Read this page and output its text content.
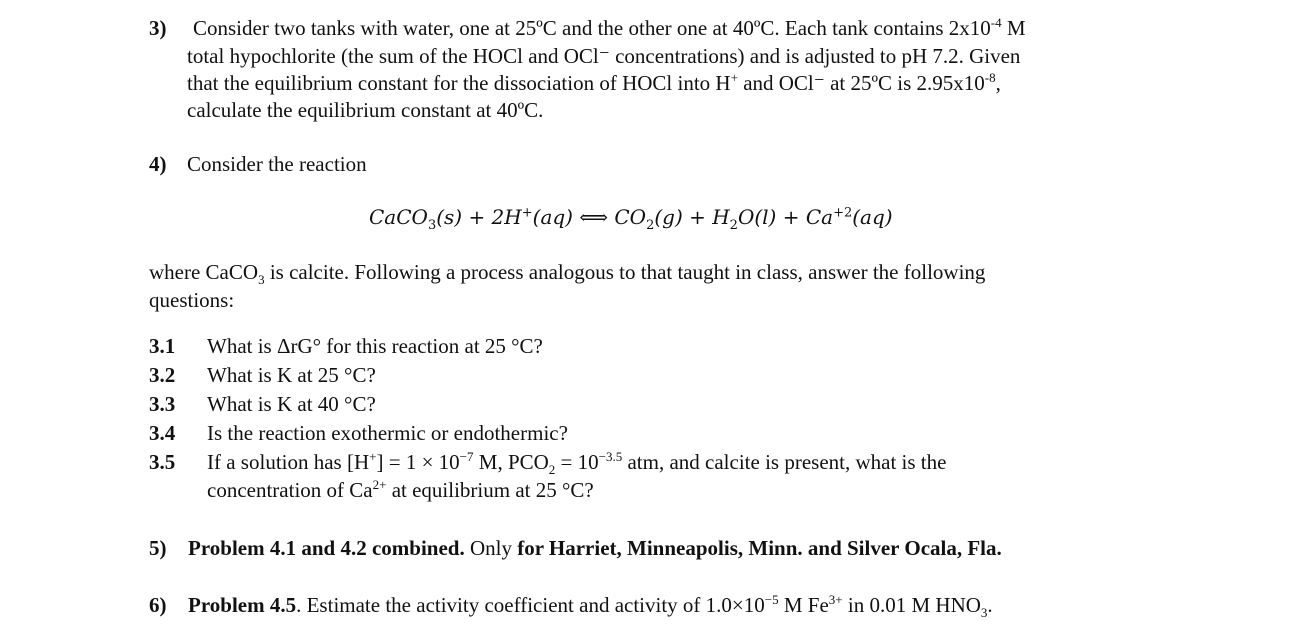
3) Consider two tanks with water, one at 25ºC and the other one at 40ºC. Each tank contains $2x10^{-4}$ M
total hypochlorite (the sum of the HOCl and OCl⁻ concentrations) and is adjusted to pH 7.2. Given
that the equilibrium constant for the dissociation of HOCl into H+ and OCl⁻ at 25ºC is $2.95x10^{-8}$,
calculate the equilibrium constant at 40ºC.
4) Consider the reaction
CaCO$_3$(s) + 2H+(aq) ⟺ $CO_2(g) + H_2O(l) + Ca^{+2}(aq)$
where CaCO$_3$ is calcite. Following a process analogous to that taught in class, answer the following
questions:
3.1 What is ΔrG° for this reaction at 25 °C?
3.2 What is K at 25 °C?
3.3 What is K at 40 °C?
3.4 Is the reaction exothermic or endothermic?
3.5 If a solution has $[H^+] = 1 \times 10^{-7}$ M, $PCO_2 = 10^{-3.5}$ atm, and calcite is present, what is the
concentration of $Ca^{2+}$ at equilibrium at 25 °C?
5) Problem 4.1 and 4.2 combined. Only for Harriet, Minneapolis, Minn. and Silver Ocala, Fla.
6) Problem 4.5. Estimate the activity coefficient and activity of $1.0\times 10^{-5}$ M $Fe^{3+}$ in 0.01 M $HNO_3$.
